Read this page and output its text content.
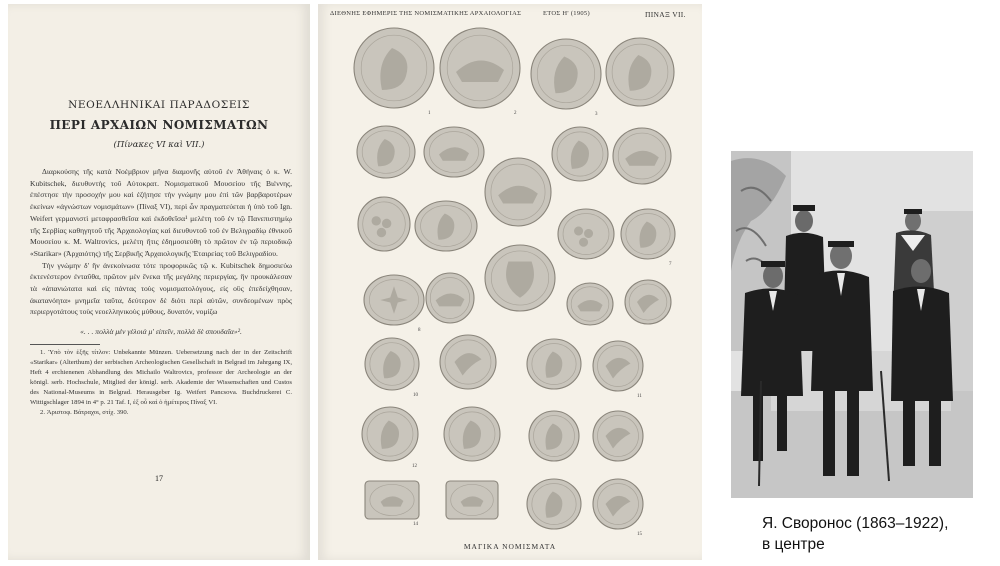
ΝΕΟΕΛΛΗΝΙΚΑΙ ΠΑΡΑΔΟΣΕΙΣ
ΠΕΡΙ ΑΡΧΑΙΩΝ ΝΟΜΙΣΜΑΤΩΝ
(Πίνακες VI καὶ VII.)

Διαρκούσης τῆς κατὰ Νοέμβριον μῆνα διαμονῆς αὐτοῦ ἐν Ἀθήναις ὁ κ. W. Kubitschek, διευθυντὴς τοῦ Αὐτοκρατ. Νομισματικοῦ Μουσείου τῆς Βιέννης, ἐπέστησε τὴν προσοχήν μου καὶ ἐζήτησε τὴν γνώμην μου ἐπὶ τῶν βαρβαροτέρων ἐκείνων «ἀγνώστων νομισμάτων» (Πίναξ VI), περὶ ὧν πραγματεύεται ἡ ὑπὸ τοῦ Ign. Weifert γερμανιστὶ μεταφρασθεῖσα καὶ ἐκδοθεῖσα¹ μελέτη τοῦ ἐν τῷ Πανεπιστημίῳ τῆς Σερβίας καθηγητοῦ τῆς Ἀρχαιολογίας καὶ διευθυντοῦ τοῦ ἐν Βελιγραδίῳ ἐθνικοῦ Μουσείου κ. M. Waltrovics, μελέτη ἥτις ἐδημοσιεύθη τὸ πρῶτον ἐν τῷ περιοδικῷ «Starikar» (Ἀρχαιότης) τῆς Σερβικῆς Ἀρχαιολογικῆς Ἑταιρείας τοῦ Βελιγραδίου.

Τὴν γνώμην δ' ἣν ἀνεκοίνωσα τότε προφορικῶς τῷ κ. Kubitschek δημοσιεύω ἐκτενέστερον ἐνταῦθα, πρῶτον μὲν ἕνεκα τῆς μεγάλης περιεργίας, ἣν προυκάλεσαν τὰ «ἀπανιώτατα καὶ εἰς πάντας τοὺς νομισματολόγους, εἰς οὓς ἐπεδείχθησαν, ἀκατανόητα» μνημεῖα ταῦτα, δεύτερον δὲ διότι περὶ αὐτῶν, συνδεομένων πρὸς περιεργοτάτους τοὺς νεοελληνικοὺς μύθους, δυνατόν, νομίζω

«. . . πολλὰ μὲν γέλοιά μ' εἰπεῖν, πολλὰ δὲ σπουδαῖα»².

1. Ὑπὸ τὸν ἑξῆς τίτλον: Unbekannte Münzen. Uebersetzung nach der in der Zeitschrift «Starikar» (Alterthum) der serbischen Archeologischen Gesellschaft in Belgrad im Jahrgang IX, Heft 4 erchienenen Abhandlung des Michailo Waltrovics, professor der Archeologie an der königl. serb. Hochschule, Mitglied der königl. serb. Akademie der Wissenschaften und Custos des National-Museums in Belgrad. Herausgeber Ig. Weifert Pancsova. Buchdruckerei C. Wittigschlager 1894 in 4° p. 21 Taf. I, ἐξ οὗ καὶ ὁ ἡμέτερος Πίναξ VI.

2. Ἀριστοφ. Βάτραχοι, στίχ. 390.

17
ΔΙΕΘΝΗΣ ΕΦΗΜΕΡΙΣ ΤΗΣ ΝΟΜΙΣΜΑΤΙΚΗΣ ΑΡΧΑΙΟΛΟΓΙΑΣ	ΕΤΟΣ Η' (1905)	ΠΙΝΑΞ VII.
1	2	3
7
8
10	11
12
14
15
ΜΑΓΙΚΑ ΝΟΜΙΣΜΑΤΑ
Я. Сворoнос (1863–1922),
в центре
